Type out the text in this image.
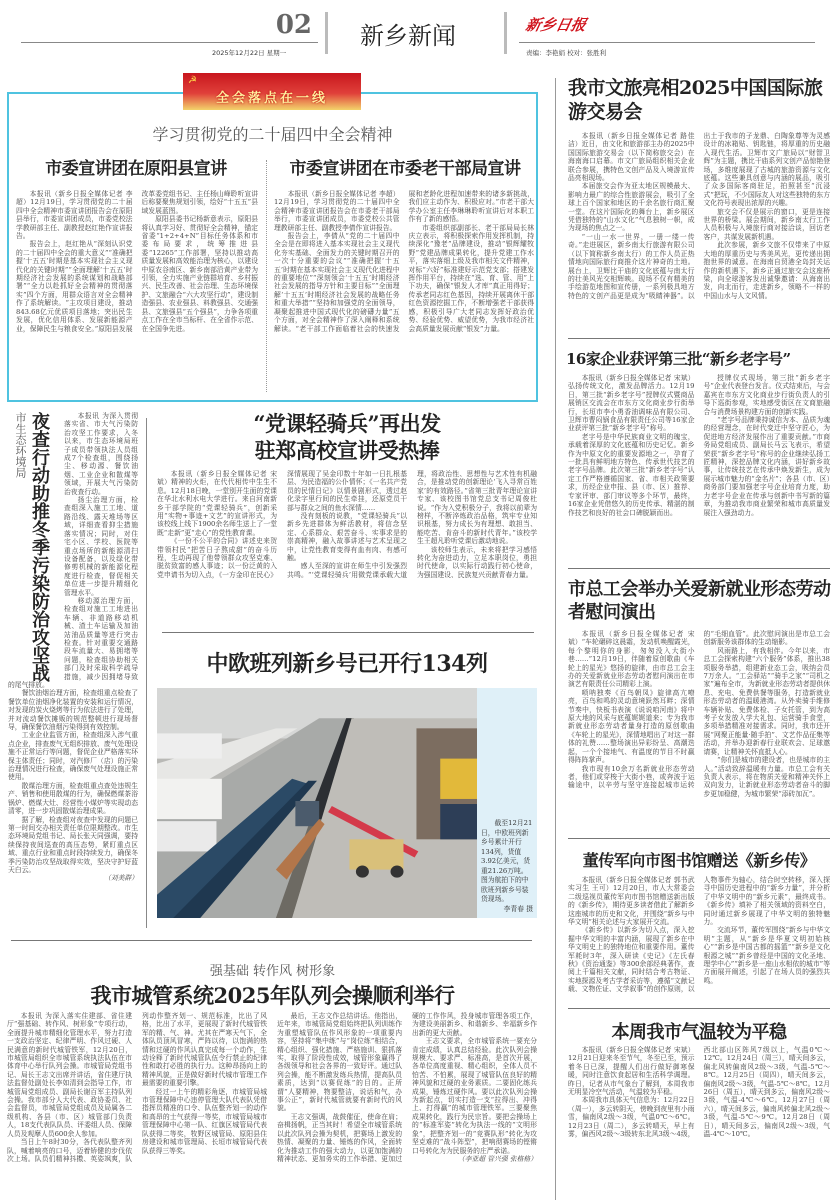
02
2025年12月22日 星期一
新乡新闻	新乡日报
责编：李艳娟 校对：张胜利
☭
全会落点在一线
学习贯彻党的二十届四中全会精神
市委宣讲团在原阳县宣讲	市委宣讲团在市委老干部局宣讲

本报讯（新乡日报全媒体记者 李超）12月19日，学习贯彻党的二十届四中全会精神市委宣讲团报告会在原阳县举行，市委宣讲团成员，市委党校法学教研部主任、副教授赵红艳作宣讲报告。

报告会上，赵红艳从“深刻认识党的二十届四中全会的重大意义”“准确把握‘十五五’时期是基本实现社会主义现代化的关键时期”“全面理解‘十五五’时期经济社会发展的系统谋划和战略部署”“全力以赴抓好全会精神的贯彻落实”四个方面，用群众语言对全会精神作了系统解读。“主攻项目建设，推动843.68亿元优质项目落地；突出民生发展，优化信用体系、发展新能源产业，保障民生与粮食安全。”原阳县发展改革委党组书记、主任杨山峰聆听宣讲后称要聚焦规划引领，绘好“十五五”县域发展蓝图。

原阳县委书记杨新意表示，原阳县将认真学习好、贯彻好全会精神，锚定省委“1+2+4+N”目标任务体系和市委布局要求，统筹推进县委“12265”工作部署，坚持以推动高质量发展和高效能治理为核心，以建设中原农谷南区、新乡南部沿黄产业带为引领，全力实施产业链群培育、乡村振兴、民生改善、社会治理、生态环境保护、文旅融合“六大攻坚行动”，建设制造强县、农业强县、料教强县、交通强县、文旅强县“五个强县”，力争各项重点工作在全市当标杆、在全省作示范、在全国争先进。

本报讯（新乡日报全媒体记者 李超）12月19日，学习贯彻党的二十届四中全会精神市委宣讲团报告会在市委老干部局举行，市委宣讲团成员，市委党校公共管理教研部主任、副教授李倩作宣讲报告。

报告会上，李倩从“党的二十届四中全会是在即将进入基本实现社会主义现代化夯实基础、全面发力的关键时期召开的一次十分重要的会议”“准确把握‘十五五’时期在基本实现社会主义现代化进程中的重要地位”“深刻领会‘十五五’时期经济社会发展的指导方针和主要目标”“全面理解‘十五五’时期经济社会发展的战略任务和重大举措”“坚持和加强党的全面领导，凝聚起推进中国式现代化的磅礴力量”五个方面，对全会精神作了深入阐释和系统解读。“老干部工作面临着社会的快速发展和老龄化进程加速带来的诸多新挑战，我们应主动作为、积极应对。”市老干部大学办公室主任李琳琳聆听宣讲后对本职工作有了新的感悟。

市委组织部副部长、老干部局局长林庆立表示，将积极探索作用发挥机制，持续深化“豫老”品牌建设，推动“银辉耀牧野”党建品牌成果转化，提升党建工作水平，落实落细上级及我市相关文件精神，对标“六好”标准建好示范党支部；搭建发挥作用平台，持续在“选、育、管、用”上下功夫，确保“银发人才库”真正用得好；传承老同志红色基因，持续开展离休干部红色资源挖掘工作，不断增强老干部获得感，积极引导广大老同志发挥好政治优势、经验优势、威望优势，为我市经济社会高质量发展贡献“银发”力量。

市生态环境局 夜查行动助推冬季污染防治攻坚战	本报讯 为深入贯彻落实省、市大气污染防治攻坚工作要求，入冬以来，市生态环境局班子成员带领执法人员组成7个检查组，围绕扬尘、移动源、餐饮油烟、工业企业和散煤等领域，开展大气污染防治夜查行动。

扬尘治理方面，检查组深入施工工地、道路沿线、露天堆场等区域，详细查看抑尘措施落实情况；同时，对住宅小区、学校、医院等重点场所的新能源清扫设备配备，以及绿化带修剪机械的新能源化程度进行检查，督促相关单位进一步提升精细化管理水平。

移动源治理方面，检查组对施工工地进出车辆、非道路移动机械、渣土车运输及加油站油品质量等进行突击检查。针对重要交通路段车流量大、易拥堵等问题，检查组协助相关部门及时采取科学疏导措施，减少因拥堵导致的尾气排放。

餐饮油烟治理方面，检查组重点检查了餐饮单位油烟净化装置的安装和运行情况，对发现的炭火烧烤等行为依法进行了处理，并对流动餐饮摊贩的规范整顿进行现场督导，确保餐饮油烟污染得到有效控制。

工业企业监管方面，检查组深入涉气重点企业，排查废气无组织排放、废气处理设施不正常运行等问题，督促企业严格落实环保主体责任；同时，对汽修厂（店）的污染治理情况进行检查，确保废气处理设施正常使用。

散煤治理方面，检查组重点查处违规生产、销售和使用散煤的行为，确保燃煤茶浴锅炉、燃煤大灶、经营性小煤炉等实现动态清零，进一步巩固散煤治理成果。

据了解，检查组对夜查中发现的问题已第一时间交办相关责任单位限期整改。市生态环境局党组书记、局长张天同强调，要持续保持夜间巡查的高压态势，紧盯重点区域、重点行业和重点时段持续发力，确保冬季污染防治攻坚战取得实效，坚决守护好蓝天白云。

（刘美群）
“党课轻骑兵”再出发
驻郑高校宣讲受热捧

本报讯（新乡日报全媒体记者 宋斌）精神的火炬，在代代相传中生生不息。12月18日晚，一堂别开生面的党课在华北水利水电大学进行。来自河南新乡干部学院的“党课轻骑兵”，创新采用“实物+事迹+文艺”的宣讲形式，为该校线上线下1900余名师生送上了一堂既“走新”更“走心”的党性教育课。

《一份不公平的合同》讲述史来贺带领村民“把苦日子熬成甜”的奋斗历程，生动再现了他带领群众攻坚克难、脱贫致富的感人事迹；以一份泛黄的入党申请书为切入点，《一方金印在民心》深情展现了吴金印数十年如一日扎根基层、为民造福的公仆情怀；《一名共产党员的民情日记》以情景剧形式，透过赵化录字里行间的民生牵挂，还原党员干部与群众之间的鱼水深情……

没有刻板的说教，“党课轻骑兵”以新乡先进群体为鲜活教材，将信念坚定、心系群众、艰苦奋斗、实事求是的崇高精神，融入故事讲述与艺术呈现之中，让党性教育变得有血有肉、有感可触。

感人至深的宣讲在师生中引发强烈共鸣。“‘党课轻骑兵’用微党课承载大道理，将政治性、思想性与艺术性有机融合，是推动党的创新理论‘飞入寻常百姓家’的有效路径。”省第三批青年理论宣讲专家、该校图书馆党总支书记周俊杜说。“作为入党积极分子，我将以前辈为榜样，不断淬炼政治品格，筑牢专业知识根基，努力成长为有理想、敢担当、能吃苦、肯奋斗的新时代青年。”该校学生王超凡聆听党课后激动地说。

该校师生表示，未来将把学习感悟转化为奋进动力，立足本职岗位，勇担时代使命，以实际行动践行初心使命，为强国建设、民族复兴贡献青春力量。

中欧班列新乡号已开行134列
截至12月21日，中欧班列新乡号累计开行134列，货值3.92亿美元，货重21.26万吨。图为航拍下的中欧班列新乡号装货现场。
李青春 摄
强基础 转作风 树形象
我市城管系统2025年队列会操顺利举行

本报讯 为深入落实住建部、省住建厅“强基础、转作风、树形象”专项行动，全面提升城市精细化管理水平，努力打造一支政治坚定、纪律严明、作风过硬、人民满意的新时代城管铁军，12月20日，市城管局组织全市城管系统执法队伍在市体育中心举行队列会操。市城管局党组书记、局长王志文出席并讲话，省住建厅执法监督处副处长李如清到会指导工作，市城管局党组成员、副局长谢百军主持队列会操。我市部分人大代表、政协委员、社会监督员，市城管局党组成员及局属各二级机构、各县（市、区）城管部门负责人，18支代表队队员、评委组人员、保障人员及观摩人员600余人参加。

当日上午8时30分，各代表队整齐列队，喊着响亮的口号，迈着矫健的步伐依次上场。队员们精神抖擞、英姿飒爽，队列动作整齐划一、规范标准，比出了风格，比出了水平，更展现了新时代城管铁军的精、气、神。尤其在严寒天气下，全体队员顶风冒寒，严阵以待，以饱满的热情和过硬的作风认真完成每一个动作，生动诠释了新时代城管队伍令行禁止的纪律性和敢打必胜的执行力。这种昂扬向上的精神风貌，正是做好新时代城市管理工作最需要的重要引擎。

经过一上午的精彩角逐，市城管局城市管理保障中心违停管理大队代表队凭借指挥员精准的口令、队伍整齐划一的动作和高昂的士气获得一等奖，市城管局城市管理保障中心第一队、红旗区城管局代表队获得二等奖，牧野区城管局、原阳县住房建设和城市管理局、长垣市城管局代表队获得三等奖。

最后，王志文作总结讲话。他指出，近年来，市城管局党组始终把队列训练作为重塑城管队伍作风形象的一项重要内容，坚持将“集中练”与“岗位练”相结合，精心组织、强化措施、严格施训、狠抓落实，取得了阶段性成效，城管形象赢得了各级领导和社会各界的一致好评。通过队列会操，能不断激发练兵热情，提高队员素质，达到“以赛促练”的目的。正所谓“人要精神，物要整洁，说话和气，办事公正”，新时代城管就要有新时代的风貌。

王志文强调，战鼓催征，使命在肩；奋楫扬帆，正当其时！希望全市城管系统以此次队列会操为契机，把赛场上激发的热情、凝聚的力量、锤炼的作风，全面转化为推动工作的强大动力，以更加饱满的精神状态、更加务实的工作举措、更加过硬的工作作风，投身城市管理各项工作，为建设美丽新乡、和谐新乡、幸福新乡作出新的更大贡献。

王志文要求，全市城管系统一要充分肯定成绩，认真总结经验。此次队列会操规模大、要求严、标准高，是首次开展，各单位高度重视、精心组织，全体人员不怕苦、不怕累，展现了城管队伍良好的精神风貌和过硬的业务素质。二要固化练兵成果，锤炼过硬作风。要以此次队列会操为新起点，切实打造一支“拉得出、冲得上、打得赢”的城市管理铁军。三要聚焦成果转化，践行为民宗旨。要把会操场上的“标准军姿”转化为执法一线的“文明形象”，把整齐划一的“竞赛队形”转化为攻坚克难的“战斗阵型”，把响彻赛场的铿锵口号转化为为民服务的庄严承诺。

（李亚超 管兴强 张格格）
我市文旅亮相2025中国国际旅游交易会

本报讯（新乡日报全媒体记者 路佳洁）近日，由文化和旅游部主办的2025中国国际旅游交易会（以下简称旅交会）在海南海口启幕。市文广旅局组织相关企业联合参展，携特色文创产品及入境游宣传品亮相现场。

本届旅交会作为亚太地区规模最大、影响力最广的综合性旅游展会，吸引了全球上百个国家和地区的千余名旅行商汇聚一堂。在这片国际化的舞台上，新乡展区凭借独特的“山水文化”气息独树一帜，成为现场的焦点之一。

“一山一水一世界，一册一缕一传奇。”走进展区，新乡南太行旅游有限公司（以下简称新乡南太行）的工作人员正热情地向国际旅行商推介这片神奇的土地。展台上，卫辉比干庙的文化底蕴与南太行的壮美风光交相辉映。现场不仅有精美的手绘游览地图和宣传册，一系列极具地方特色的文创产品更是成为“吸睛神器”。以出土于我市的子龙鼎、白陶象尊等为灵感设计的冰箱贴、钥匙链，将厚重的历史融入现代生活。卫辉市文广旅局以“财智卫辉”为主题，携比干庙系列文创产品惊艳登场，多维度展现了古城的旅游资源与文化底蕴。这些兼具创意与内涵的展品，吸引了众多国际客商驻足，拍照甚至“沉浸式”把玩，不少国际友人对这些独特的东方文化符号表现出浓厚的兴趣。

旅交会不仅是展示的窗口，更是连接世界的桥梁。展会期间，新乡南太行工作人员积极与入境旅行商对接洽谈，回访老客户，共谋发展新机遇。

此次参展，新乡文旅不仅带来了中原大地的厚重历史与秀美风光，更传递出拥抱世界的诚意。在海南自贸港全岛封关运作的新机遇下，新乡正通过旅交会这座桥梁，向全球游客发出诚挚邀请：从海南出发，向北而行，走进新乡，领略不一样的中国山水与人文风情。

16家企业获评第三批“新乡老字号”

本报讯（新乡日报全媒体记者 宋斌）弘扬传统文化，激发品牌活力。12月19日，第三批“新乡老字号”授牌仪式暨商品展销区交流会在市东方文化商业步行街举行，长垣市李小勇香油调味品有限公司、卫辉市曹闷锅食品有限责任公司等16家企业获评第三批“新乡老字号”称号。

老字号是中华民族商业文明的瑰宝，承载着深厚的文化底蕴和历史记忆。新乡作为中原文化的重要发源地之一，孕育了一批具有鲜明地方特色、传承世代技艺的老字号品牌。此次第三批“新乡老字号”认定工作严格遵循国家、省、市相关政策要求，历经企业申报、县（市、区）推荐、专家评审、部门审议等多个环节，最终，16家企业凭借悠久的历史传承、精湛的制作技艺和良好的社会口碑脱颖而出。

授牌仪式现场，第三批“新乡老字号”企业代表登台发言。仪式结束后，与会嘉宾在市东方文化商业步行街负责人的引导下巡街参观，实地感受街区在文商旅融合与消费场景构建方面的创新实践。

“老字号品牌秉持诚信为本、品质为魂的经营理念，在时代变迁中坚守匠心，为促进地方经济发展作出了重要贡献。”市商务局党组成员、副局长马云飞表示，希望荣获“新乡老字号”称号的企业继续弘扬工匠精神，深挖品牌文化内涵，讲好新乡故事，让传统技艺在传承中焕发新生，成为展示城市魅力的“金名片”；各县（市、区）商务部门要加强老字号企业培育力度，助力老字号企业在传承与创新中书写新的篇章，为推动我市商业繁荣和城市高质量发展注入强劲动力。

市总工会举办关爱新就业形态劳动者慰问演出

本报讯（新乡日报全媒体记者 宋斌）“车轮碾碎这晨霜，发动机唤醒霞光，每个黎明你的身影，匆匆没入大街小巷……”12月19日，伴随着原创歌曲《车轮上的星光》悠扬的旋律，由市总工会主办的关爱新就业形态劳动者慰问演出在市演艺有限责任公司精彩上演。

唢呐独奏《百鸟朝凤》旋律高亢嘹亮，百鸟和鸣的灵动意境跃然耳畔；深情节奏中，快板书表演《说说咱河南》将中原大地的风采与底蕴娓娓道来；专为我市新就业形态劳动者量身打造的原创歌曲《车轮上的星光》，深情地唱出了对这一群体的礼赞……整场演出异彩纷呈、高潮迭起，一个个接地气、有温度的节目不时赢得阵阵掌声。

我市现有10余万名新就业形态劳动者，他们或穿梭于大街小巷，或奔波于运输途中，以辛劳与坚守连接起城市运转的“毛细血管”。此次慰问演出是市总工会创新服务该群体的生动缩影。

风雨路上，有我相伴。今年以来，市总工会探索构建“六个服务”体系，推出38项服务举措，组建新业态工会，吸纳会员7万余人。“工会驿站”“骑手之家”“司机之家”遍布全市，为新就业形态劳动者提供休息、充电、免费供餐等服务，打造新就业形态劳动者的温暖港湾。从外卖骑手维修车辆补贴、免费体检、子女托管，到为高考子女发放入学大礼包、运营骑手食堂，多项举措精准对接需求。同时，我市还开展“网聚正能量·随手拍”、文艺作品征集等活动，并举办迎新春行业联欢会、足球邀请赛，让精神关怀直抵人心。

“你们是城市的建设者，也是城市的主人。”活动致辞温暖有力量。市总工会有关负责人表示，将在物质关爱和精神关怀上双向发力，让新就业形态劳动者奋斗的脚步更加稳健，为城市繁荣“添砖加瓦”。

董传军向市图书馆赠送《新乡传》

本报讯（新乡日报全媒体记者 郭书武 实习生 王可）12月20日，市人大常委会二级巡视员董传军向市图书馆赠送新出版的《新乡传》，期待更多读者借此了解新乡这座城市的历史和文化，并围绕“新乡与中华文明”相关论述与大家展开交流。

《新乡传》以新乡为切入点，深入挖掘中华文明的丰富内涵，展现了新乡在中华文明史上的独特地位和重要作用。董传军耗时3年，深入研读《史记》《左氏春秋》《资治通鉴》等300余部经典著作，查阅上千篇相关文献，同时结合考古物证、实地探源及考古学者采访等，遵循“文献记载、文物佐证、文学叙事”的创作原则，以人物事件为轴心，结合时空转移，深入探寻中国历史进程中的“新乡力量”，并分析了中华文明中的“新乡元素”，最终成书。《新乡传》填补了相关领域的资料空白，同时通过新乡展现了中华文明的独特魅力。

交流环节，董传军围绕“新乡与中华文明”主题，从“新乡是华夏文明初始核心”“新乡是中国古都的摇篮”“新乡是文化根源之城”“新乡曾经是中国的文化圣地、理学中心”“新乡是一座山水相依的城市”等方面展开阐述，引起了在场人员的强烈共鸣。

本周我市气温较为平稳

本报讯（新乡日报全媒体记者 宋斌）12月21日迎来冬至节气，冬至已至，预示着冬日已深，提醒人们出行做好御寒保暖，同时注意饮食起居和生活科学调理。昨日，记者从市气象台了解到，本周我市无明显冷空气活动，气温较为平稳。

本周我市具体天气信息为：12月22日（周一），多云转阴天，傍晚到夜里有小雨雪，偏南风2级～3级，气温0℃～6℃。12月23日（周二），多云转晴天，早上有雾，偏西风2级～3级转东北风3级～4级，西北部山区阵风7级以上，气温0℃～12℃。12月24日（周三），晴天间多云，偏北风转偏南风2级～3级，气温-5℃～8℃。12月25日（周四），晴天间多云，偏南风2级～3级，气温-5℃～8℃。12月26日（周五），晴天到多云，偏南风2级～3级，气温-4℃～6℃。12月27日（周六），晴天间多云，偏南风转偏北风2级～3级，气温-5℃～9℃。12月28日（周日），晴天间多云，偏南风2级～3级，气温-4℃～10℃。
